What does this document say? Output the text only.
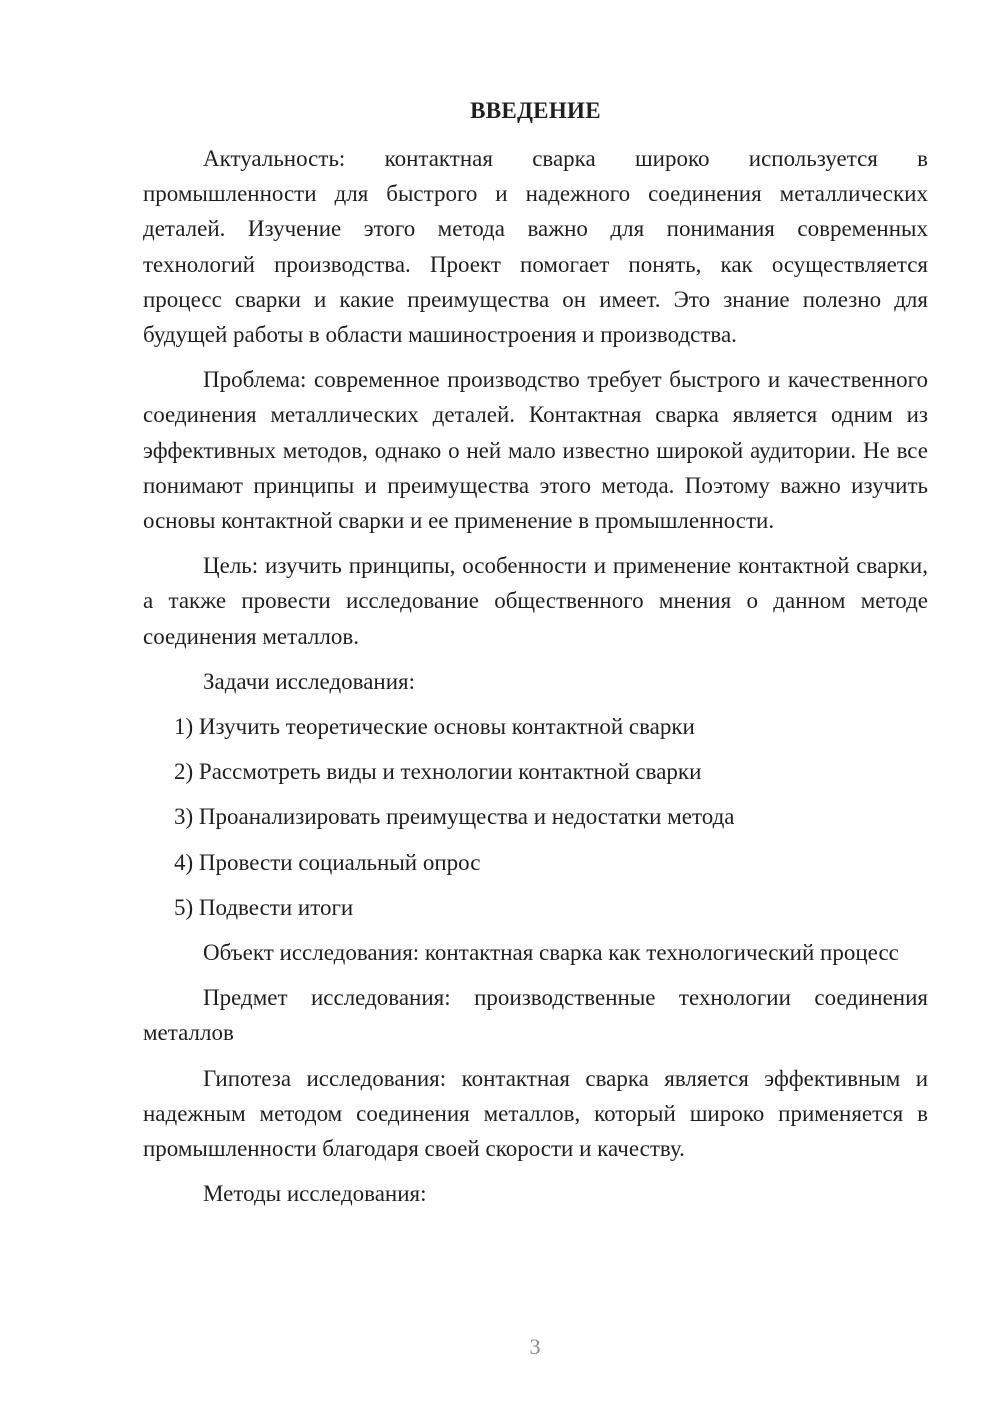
ВВЕДЕНИЕ

Актуальность: контактная сварка широко используется в промышленности для быстрого и надежного соединения металлических деталей. Изучение этого метода важно для понимания современных технологий производства. Проект помогает понять, как осуществляется процесс сварки и какие преимущества он имеет. Это знание полезно для будущей работы в области машиностроения и производства.

Проблема: современное производство требует быстрого и качественного соединения металлических деталей. Контактная сварка является одним из эффективных методов, однако о ней мало известно широкой аудитории. Не все понимают принципы и преимущества этого метода. Поэтому важно изучить основы контактной сварки и ее применение в промышленности.

Цель: изучить принципы, особенности и применение контактной сварки, а также провести исследование общественного мнения о данном методе соединения металлов.

Задачи исследования:

1) Изучить теоретические основы контактной сварки
2) Рассмотреть виды и технологии контактной сварки
3) Проанализировать преимущества и недостатки метода
4) Провести социальный опрос
5) Подвести итоги

Объект исследования: контактная сварка как технологический процесс

Предмет исследования: производственные технологии соединения металлов

Гипотеза исследования: контактная сварка является эффективным и надежным методом соединения металлов, который широко применяется в промышленности благодаря своей скорости и качеству.

Методы исследования:

3
